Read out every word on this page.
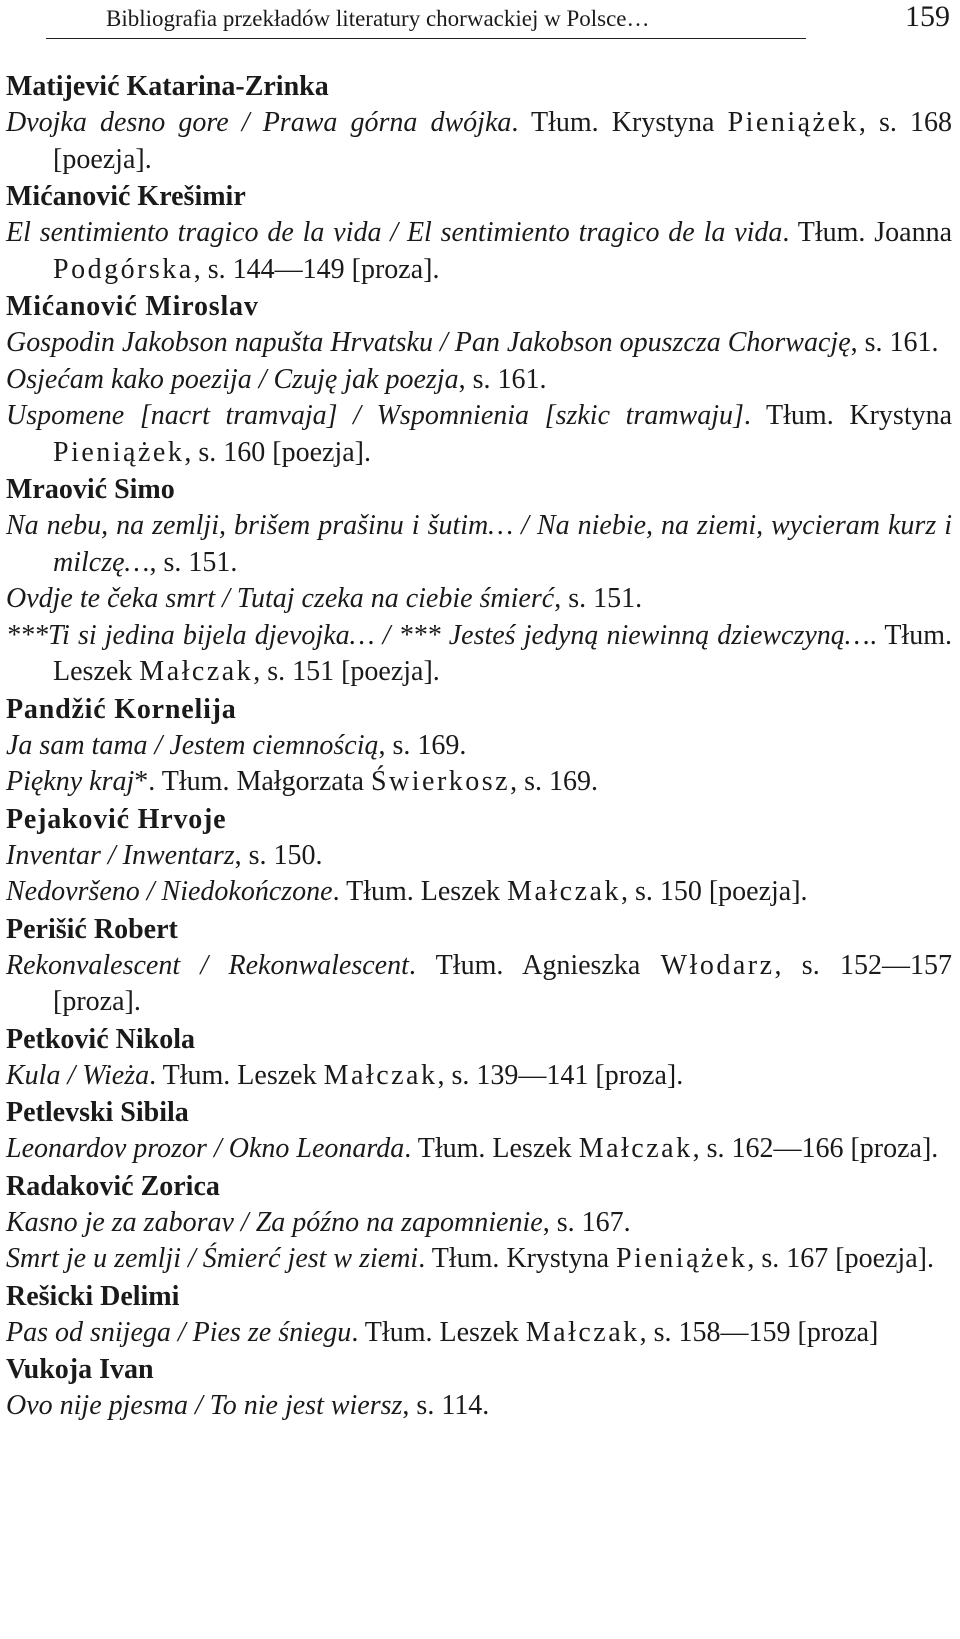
Bibliografia przekładów literatury chorwackiej w Polsce…	159
Matijević Katarina-Zrinka
Dvojka desno gore / Prawa górna dwójka. Tłum. Krystyna Pieniążek, s. 168 [poezja].
Mićanović Krešimir
El sentimiento tragico de la vida / El sentimiento tragico de la vida. Tłum. Joanna Podgórska, s. 144—149 [proza].
Mićanović Miroslav
Gospodin Jakobson napušta Hrvatsku / Pan Jakobson opuszcza Chorwację, s. 161.
Osjećam kako poezija / Czuję jak poezja, s. 161.
Uspomene [nacrt tramvaja] / Wspomnienia [szkic tramwaju]. Tłum. Krystyna Pieniążek, s. 160 [poezja].
Mraović Simo
Na nebu, na zemlji, brišem prašinu i šutim… / Na niebie, na ziemi, wycieram kurz i milczę…, s. 151.
Ovdje te čeka smrt / Tutaj czeka na ciebie śmierć, s. 151.
***Ti si jedina bijela djevojka… / *** Jesteś jedyną niewinną dziewczyną…. Tłum. Leszek Małczak, s. 151 [poezja].
Pandžić Kornelija
Ja sam tama / Jestem ciemnością, s. 169.
Piękny kraj*. Tłum. Małgorzata Świerkosz, s. 169.
Pejaković Hrvoje
Inventar / Inwentarz, s. 150.
Nedovršeno / Niedokończone. Tłum. Leszek Małczak, s. 150 [poezja].
Perišić Robert
Rekonvalescent / Rekonwalescent. Tłum. Agnieszka Włodarz, s. 152—157 [proza].
Petković Nikola
Kula / Wieża. Tłum. Leszek Małczak, s. 139—141 [proza].
Petlevski Sibila
Leonardov prozor / Okno Leonarda. Tłum. Leszek Małczak, s. 162—166 [proza].
Radaković Zorica
Kasno je za zaborav / Za późno na zapomnienie, s. 167.
Smrt je u zemlji / Śmierć jest w ziemi. Tłum. Krystyna Pieniążek, s. 167 [poezja].
Rešicki Delimi
Pas od snijega / Pies ze śniegu. Tłum. Leszek Małczak, s. 158—159 [proza]
Vukoja Ivan
Ovo nije pjesma / To nie jest wiersz, s. 114.
